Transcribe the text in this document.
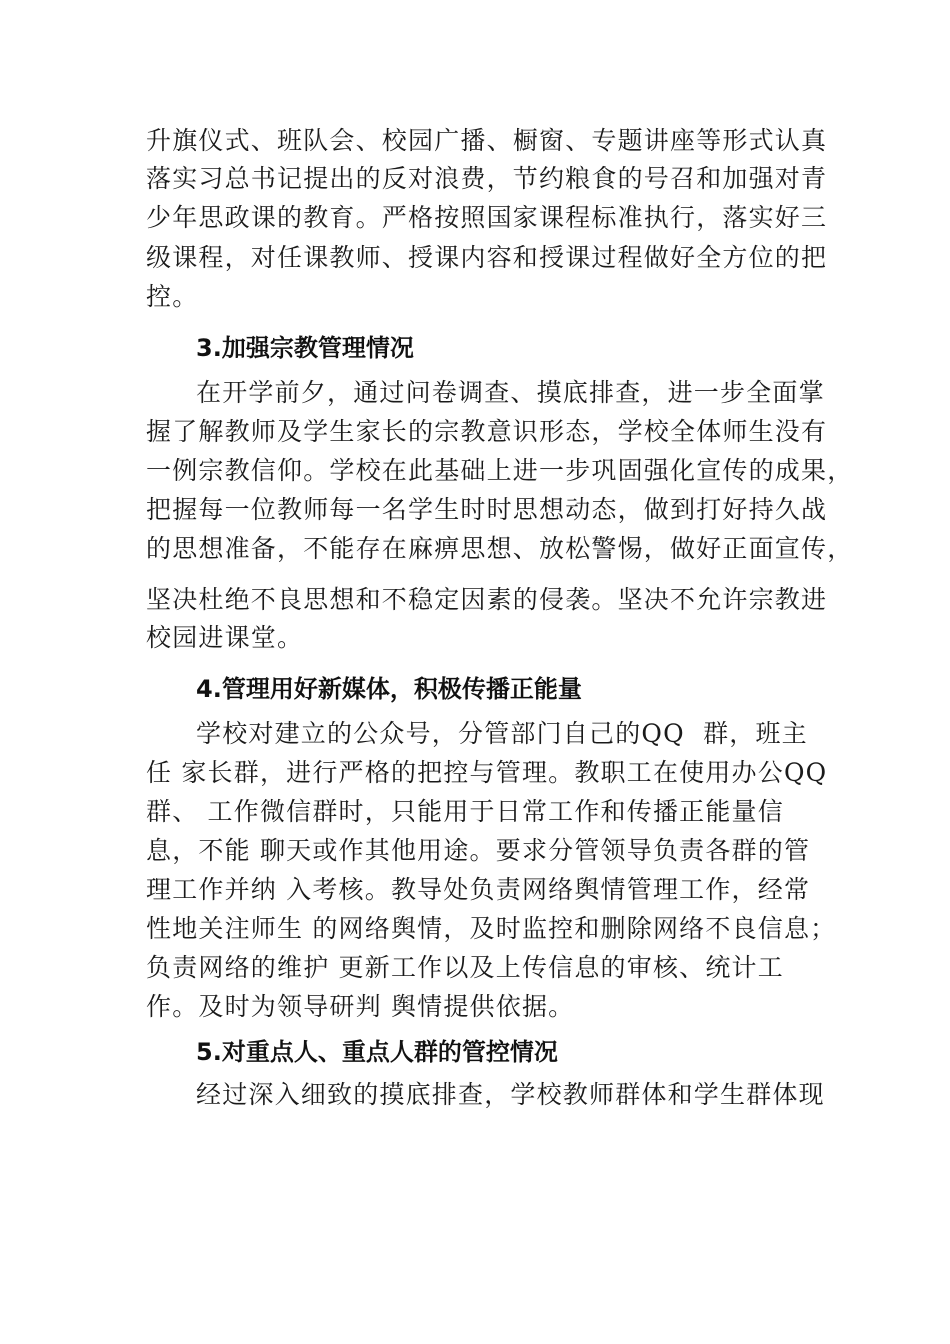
升旗仪式、班队会、校园广播、橱窗、专题讲座等形式认真
落实习总书记提出的反对浪费，节约粮食的号召和加强对青
少年思政课的教育。严格按照国家课程标准执行，落实好三
级课程，对任课教师、授课内容和授课过程做好全方位的把
控。
3.加强宗教管理情况
在开学前夕，通过问卷调查、摸底排查，进一步全面掌
握了解教师及学生家长的宗教意识形态，学校全体师生没有
一例宗教信仰。学校在此基础上进一步巩固强化宣传的成果，
把握每一位教师每一名学生时时思想动态，做到打好持久战
的思想准备，不能存在麻痹思想、放松警惕，做好正面宣传，
坚决杜绝不良思想和不稳定因素的侵袭。坚决不允许宗教进
校园进课堂。
4.管理用好新媒体，积极传播正能量
学校对建立的公众号，分管部门自己的QQ  群，班主
任 家长群，进行严格的把控与管理。教职工在使用办公QQ
群、 工作微信群时，只能用于日常工作和传播正能量信
息，不能 聊天或作其他用途。要求分管领导负责各群的管
理工作并纳 入考核。教导处负责网络舆情管理工作，经常
性地关注师生 的网络舆情，及时监控和删除网络不良信息；
负责网络的维护 更新工作以及上传信息的审核、统计工
作。及时为领导研判 舆情提供依据。
5.对重点人、重点人群的管控情况
经过深入细致的摸底排查，学校教师群体和学生群体现
